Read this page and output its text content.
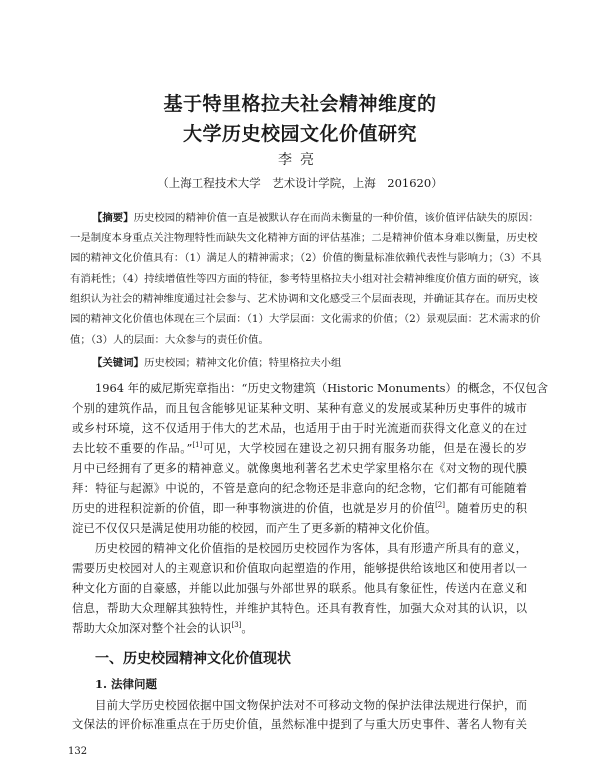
基于特里格拉夫社会精神维度的
大学历史校园文化价值研究
李亮
（上海工程技术大学　艺术设计学院，上海　201620）
【摘要】历史校园的精神价值一直是被默认存在而尚未衡量的一种价值，该价值评估缺失的原因：
一是制度本身重点关注物理特性而缺失文化精神方面的评估基准；二是精神价值本身难以衡量，历史校
园的精神文化价值具有：（1）满足人的精神需求；（2）价值的衡量标准依赖代表性与影响力；（3）不具
有消耗性；（4）持续增值性等四方面的特征，参考特里格拉夫小组对社会精神维度价值方面的研究，该
组织认为社会的精神维度通过社会参与、艺术协调和文化感受三个层面表现，并确证其存在。而历史校
园的精神文化价值也体现在三个层面：（1）大学层面：文化需求的价值；（2）景观层面：艺术需求的价
值；（3）人的层面：大众参与的责任价值。
【关键词】历史校园；精神文化价值；特里格拉夫小组
1964 年的威尼斯宪章指出：“历史文物建筑（Historic Monuments）的概念，不仅包含
个别的建筑作品，而且包含能够见证某种文明、某种有意义的发展或某种历史事件的城市
或乡村环境，这不仅适用于伟大的艺术品，也适用于由于时光流逝而获得文化意义的在过
去比较不重要的作品。”[1]可见，大学校园在建设之初只拥有服务功能，但是在漫长的岁
月中已经拥有了更多的精神意义。就像奥地利著名艺术史学家里格尔在《对文物的现代膜
拜：特征与起源》中说的，不管是意向的纪念物还是非意向的纪念物，它们都有可能随着
历史的进程积淀新的价值，即一种事物演进的价值，也就是岁月的价值[2]。随着历史的积
淀已不仅仅只是满足使用功能的校园，而产生了更多新的精神文化价值。
历史校园的精神文化价值指的是校园历史校园作为客体，具有形遗产所具有的意义，
需要历史校园对人的主观意识和价值取向起塑造的作用，能够提供给该地区和使用者以一
种文化方面的自豪感，并能以此加强与外部世界的联系。他具有象征性，传送内在意义和
信息，帮助大众理解其独特性，并维护其特色。还具有教育性，加强大众对其的认识，以
帮助大众加深对整个社会的认识[3]。
一、历史校园精神文化价值现状
1. 法律问题
目前大学历史校园依据中国文物保护法对不可移动文物的保护法律法规进行保护，而
文保法的评价标准重点在于历史价值，虽然标准中提到了与重大历史事件、著名人物有关
132
